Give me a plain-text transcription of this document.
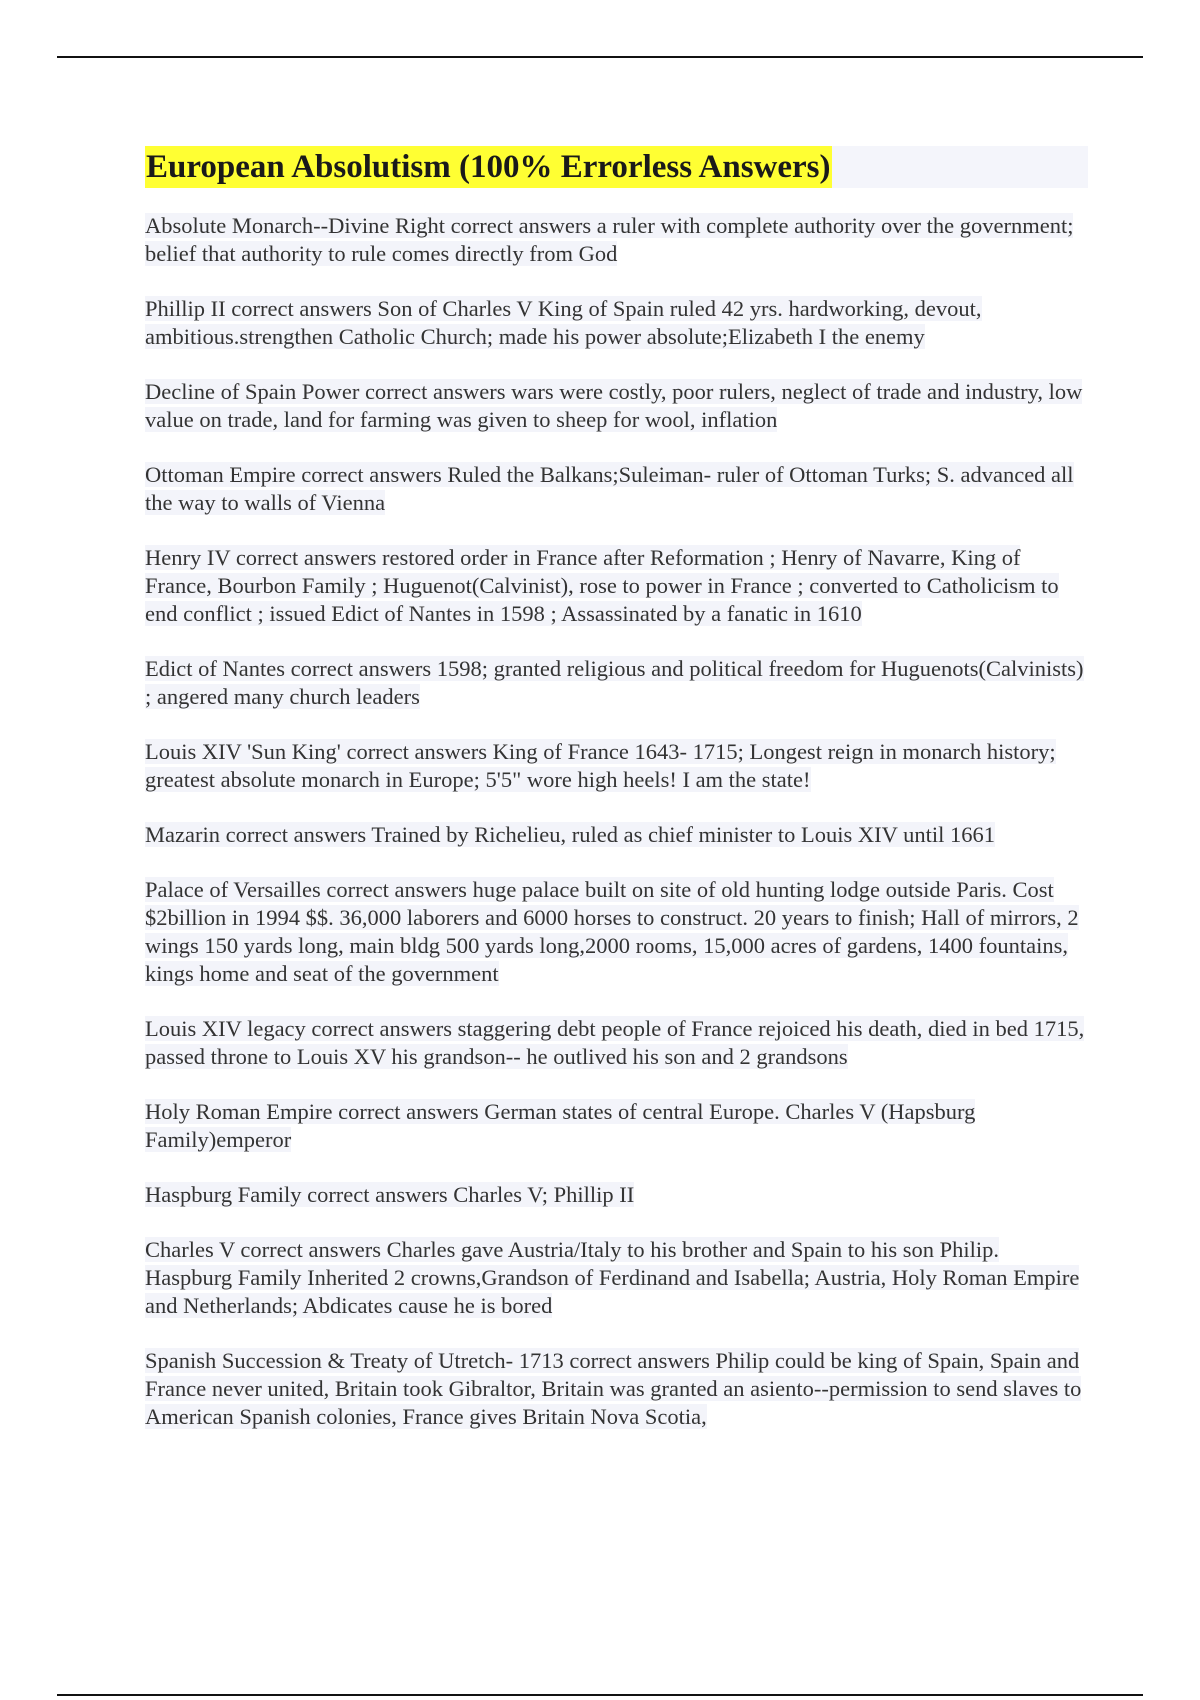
European Absolutism (100% Errorless Answers)

Absolute Monarch--Divine Right correct answers a ruler with complete authority over the government; belief that authority to rule comes directly from God

Phillip II correct answers Son of Charles V King of Spain ruled 42 yrs. hardworking, devout, ambitious.strengthen Catholic Church; made his power absolute;Elizabeth I the enemy

Decline of Spain Power correct answers wars were costly, poor rulers, neglect of trade and industry, low value on trade, land for farming was given to sheep for wool, inflation

Ottoman Empire correct answers Ruled the Balkans;Suleiman- ruler of Ottoman Turks; S. advanced all the way to walls of Vienna

Henry IV correct answers restored order in France after Reformation ; Henry of Navarre, King of France, Bourbon Family ; Huguenot(Calvinist), rose to power in France ; converted to Catholicism to end conflict ; issued Edict of Nantes in 1598 ; Assassinated by a fanatic in 1610

Edict of Nantes correct answers 1598; granted religious and political freedom for Huguenots(Calvinists) ; angered many church leaders

Louis XIV 'Sun King' correct answers King of France 1643- 1715; Longest reign in monarch history; greatest absolute monarch in Europe; 5'5" wore high heels! I am the state!

Mazarin correct answers Trained by Richelieu, ruled as chief minister to Louis XIV until 1661

Palace of Versailles correct answers huge palace built on site of old hunting lodge outside Paris. Cost $2billion in 1994 $$. 36,000 laborers and 6000 horses to construct. 20 years to finish; Hall of mirrors, 2 wings 150 yards long, main bldg 500 yards long,2000 rooms, 15,000 acres of gardens, 1400 fountains, kings home and seat of the government

Louis XIV legacy correct answers staggering debt people of France rejoiced his death, died in bed 1715, passed throne to Louis XV his grandson-- he outlived his son and 2 grandsons

Holy Roman Empire correct answers German states of central Europe. Charles V (Hapsburg Family)emperor

Haspburg Family correct answers Charles V; Phillip II

Charles V correct answers Charles gave Austria/Italy to his brother and Spain to his son Philip. Haspburg Family Inherited 2 crowns,Grandson of Ferdinand and Isabella; Austria, Holy Roman Empire and Netherlands; Abdicates cause he is bored

Spanish Succession & Treaty of Utretch- 1713 correct answers Philip could be king of Spain, Spain and France never united, Britain took Gibraltor, Britain was granted an asiento--permission to send slaves to American Spanish colonies, France gives Britain Nova Scotia,
